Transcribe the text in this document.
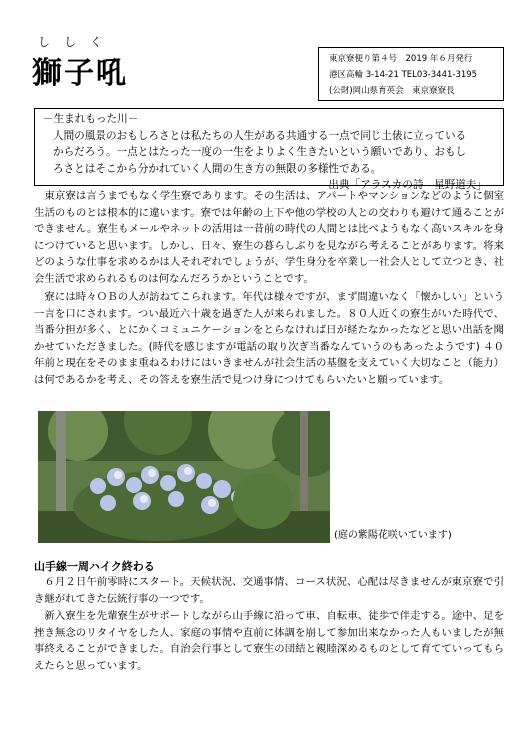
ししく
獅子吼	東京寮便り第４号　2019 年６月発行
港区高輪 3-14-21 TEL03-3441-3195
(公財)岡山県育英会　東京寮寮長

－生まれもった川－

人間の風景のおもしろさとは私たちの人生がある共通する一点で同じ土俵に立っている

からだろう。一点とはたった一度の一生をよりよく生きたいという願いであり、おもし

ろさとはそこから分かれていく人間の生き方の無限の多様性である。

出典「アラスカの詩　星野道夫」

東京寮は言うまでもなく学生寮であります。その生活は、アパートやマンションなどのように個室生活のものとは根本的に違います。寮では年齢の上下や他の学校の人との交わりも避けて通ることができません。寮生もメールやネットの活用は一昔前の時代の人間とは比べようもなく高いスキルを身につけていると思います。しかし、日々、寮生の暮らしぶりを見ながら考えることがあります。将来どのような仕事を求めるかは人それぞれでしょうが、学生身分を卒業し一社会人として立つとき、社会生活で求められるものは何なんだろうかということです。

寮には時々ＯＢの人が訪ねてこられます。年代は様々ですが、まず間違いなく「懐かしい」という一言を口にされます。つい最近六十歳を過ぎた人が来られました。８０人近くの寮生がいた時代で、当番分担が多く、とにかくコミュニケーションをとらなければ日が経たなかったなどと思い出話を聞かせていただきました。(時代を感じますが電話の取り次ぎ当番なんていうのもあったようです) ４０年前と現在をそのまま重ねるわけにはいきませんが社会生活の基盤を支えていく大切なこと（能力）は何であるかを考え、その答えを寮生活で見つけ身につけてもらいたいと願っています。

(庭の紫陽花咲いています)
山手線一周ハイク終わる

６月２日午前零時にスタート。天候状況、交通事情、コース状況、心配は尽きませんが東京寮で引き継がれてきた伝統行事の一つです。

新入寮生を先輩寮生がサポートしながら山手線に沿って車、自転車、徒歩で伴走する。途中、足を挫き無念のリタイヤをした人、家庭の事情や直前に体調を崩して参加出来なかった人もいましたが無事終えることができました。自治会行事として寮生の団結と親睦深めるものとして育てていってもらえたらと思っています。
